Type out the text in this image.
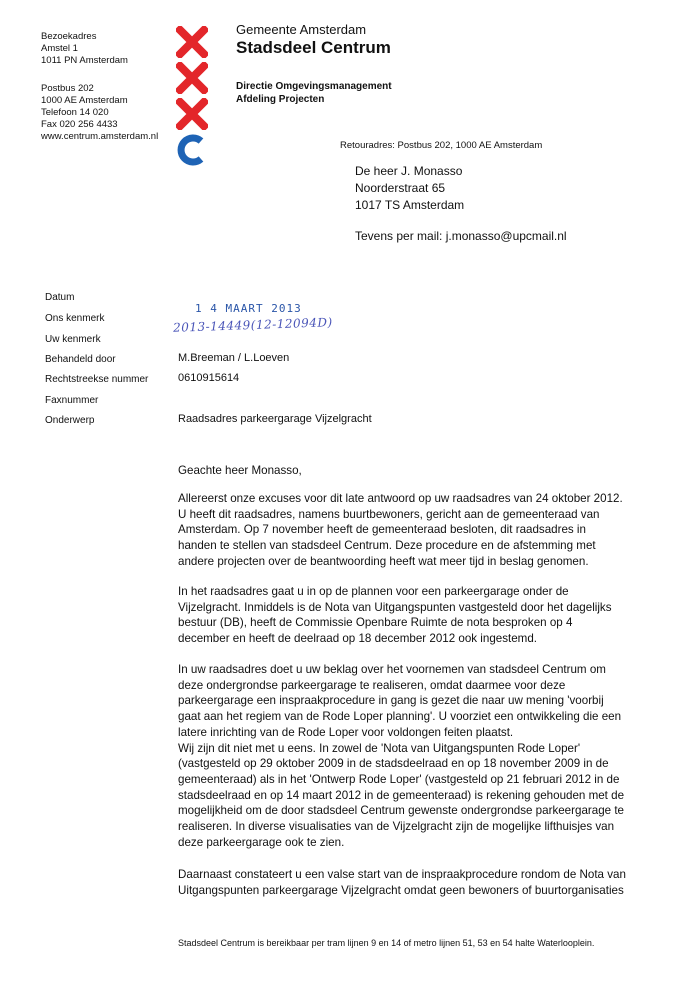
Bezoekadres
Amstel 1
1011 PN Amsterdam
Postbus 202
1000 AE Amsterdam
Telefoon 14 020
Fax 020 256 4433
www.centrum.amsterdam.nl
Gemeente Amsterdam
Stadsdeel Centrum
Directie Omgevingsmanagement
Afdeling Projecten
Retouradres: Postbus 202, 1000 AE Amsterdam
De heer J. Monasso
Noorderstraat 65
1017 TS Amsterdam
Tevens per mail: j.monasso@upcmail.nl
Datum
Ons kenmerk
Uw kenmerk
Behandeld door
Rechtstreekse nummer
Faxnummer
Onderwerp
1 4 MAART 2013
2013-14449(12-12094D)
M.Breeman / L.Loeven
0610915614
Raadsadres parkeergarage Vijzelgracht
Geachte heer Monasso,

Allereerst onze excuses voor dit late antwoord op uw raadsadres van 24 oktober 2012.

U heeft dit raadsadres, namens buurtbewoners, gericht aan de gemeenteraad van

Amsterdam. Op 7 november heeft de gemeenteraad besloten, dit raadsadres in

handen te stellen van stadsdeel Centrum. Deze procedure en de afstemming met

andere projecten over de beantwoording heeft wat meer tijd in beslag genomen.

In het raadsadres gaat u in op de plannen voor een parkeergarage onder de

Vijzelgracht. Inmiddels is de Nota van Uitgangspunten vastgesteld door het dagelijks

bestuur (DB), heeft de Commissie Openbare Ruimte de nota besproken op 4

december en heeft de deelraad op 18 december 2012 ook ingestemd.

In uw raadsadres doet u uw beklag over het voornemen van stadsdeel Centrum om

deze ondergrondse parkeergarage te realiseren, omdat daarmee voor deze

parkeergarage een inspraakprocedure in gang is gezet die naar uw mening 'voorbij

gaat aan het regiem van de Rode Loper planning'. U voorziet een ontwikkeling die een

latere inrichting van de Rode Loper voor voldongen feiten plaatst.

Wij zijn dit niet met u eens. In zowel de 'Nota van Uitgangspunten Rode Loper'

(vastgesteld op 29 oktober 2009 in de stadsdeelraad en op 18 november 2009 in de

gemeenteraad) als in het 'Ontwerp Rode Loper' (vastgesteld op 21 februari 2012 in de

stadsdeelraad en op 14 maart 2012 in de gemeenteraad) is rekening gehouden met de

mogelijkheid om de door stadsdeel Centrum gewenste ondergrondse parkeergarage te

realiseren. In diverse visualisaties van de Vijzelgracht zijn de mogelijke lifthuisjes van

deze parkeergarage ook te zien.

Daarnaast constateert u een valse start van de inspraakprocedure rondom de Nota van

Uitgangspunten parkeergarage Vijzelgracht omdat geen bewoners of buurtorganisaties

Stadsdeel Centrum is bereikbaar per tram lijnen 9 en 14 of metro lijnen 51, 53 en 54 halte Waterlooplein.
